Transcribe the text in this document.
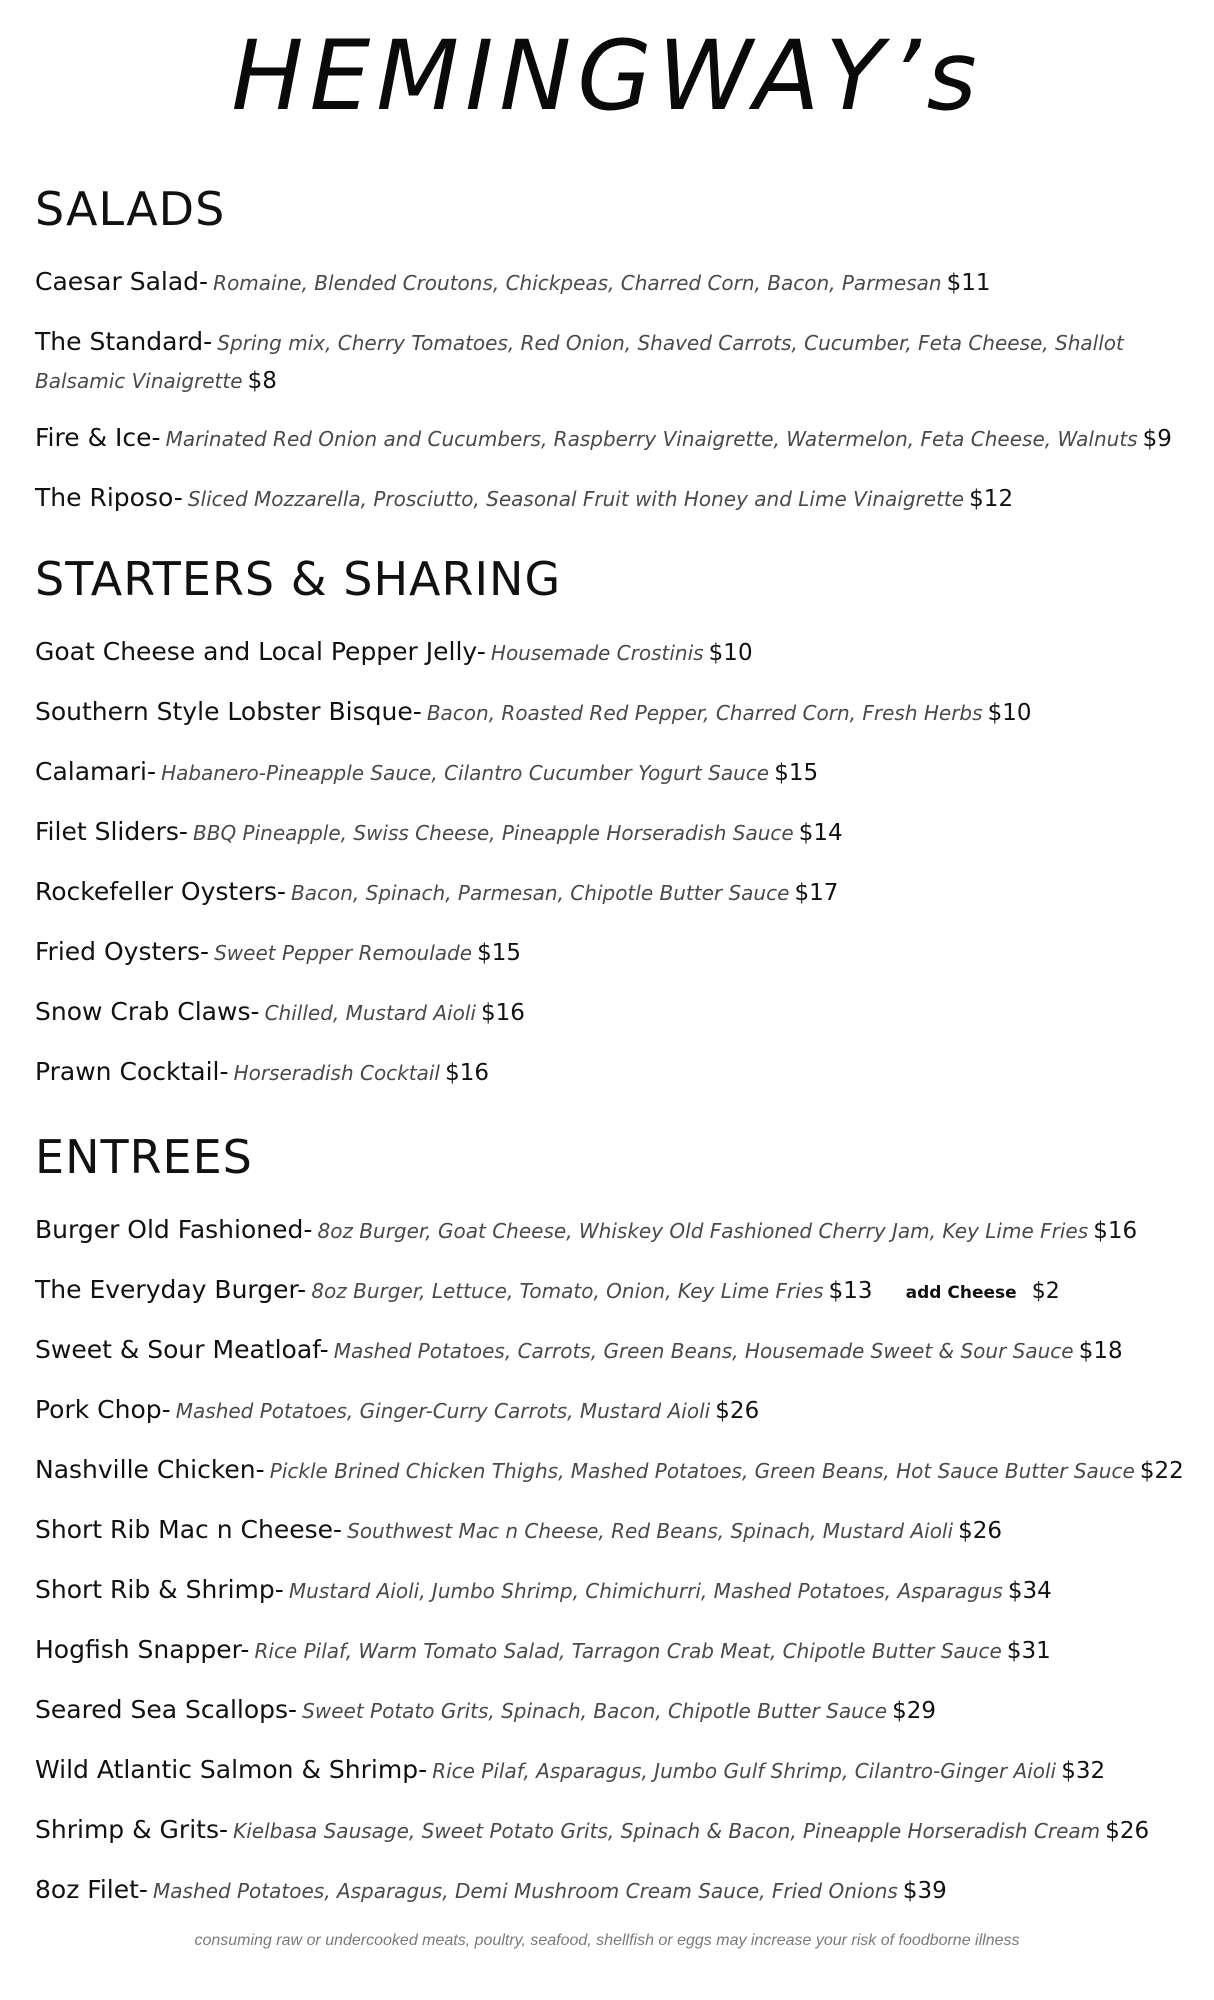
HEMINGWAY’s
SALADS
Caesar Salad- Romaine, Blended Croutons, Chickpeas, Charred Corn, Bacon, Parmesan $11
The Standard- Spring mix, Cherry Tomatoes, Red Onion, Shaved Carrots, Cucumber, Feta Cheese, Shallot Balsamic Vinaigrette $8
Fire & Ice- Marinated Red Onion and Cucumbers, Raspberry Vinaigrette, Watermelon, Feta Cheese, Walnuts $9
The Riposo- Sliced Mozzarella, Prosciutto, Seasonal Fruit with Honey and Lime Vinaigrette $12
STARTERS & SHARING
Goat Cheese and Local Pepper Jelly- Housemade Crostinis $10
Southern Style Lobster Bisque- Bacon, Roasted Red Pepper, Charred Corn, Fresh Herbs $10
Calamari- Habanero-Pineapple Sauce, Cilantro Cucumber Yogurt Sauce $15
Filet Sliders- BBQ Pineapple, Swiss Cheese, Pineapple Horseradish Sauce $14
Rockefeller Oysters- Bacon, Spinach, Parmesan, Chipotle Butter Sauce $17
Fried Oysters- Sweet Pepper Remoulade $15
Snow Crab Claws- Chilled, Mustard Aioli $16
Prawn Cocktail- Horseradish Cocktail $16
ENTREES
Burger Old Fashioned- 8oz Burger, Goat Cheese, Whiskey Old Fashioned Cherry Jam, Key Lime Fries $16
The Everyday Burger- 8oz Burger, Lettuce, Tomato, Onion, Key Lime Fries $13 add Cheese $2
Sweet & Sour Meatloaf- Mashed Potatoes, Carrots, Green Beans, Housemade Sweet & Sour Sauce $18
Pork Chop- Mashed Potatoes, Ginger-Curry Carrots, Mustard Aioli $26
Nashville Chicken- Pickle Brined Chicken Thighs, Mashed Potatoes, Green Beans, Hot Sauce Butter Sauce $22
Short Rib Mac n Cheese- Southwest Mac n Cheese, Red Beans, Spinach, Mustard Aioli $26
Short Rib & Shrimp- Mustard Aioli, Jumbo Shrimp, Chimichurri, Mashed Potatoes, Asparagus $34
Hogfish Snapper- Rice Pilaf, Warm Tomato Salad, Tarragon Crab Meat, Chipotle Butter Sauce $31
Seared Sea Scallops- Sweet Potato Grits, Spinach, Bacon, Chipotle Butter Sauce $29
Wild Atlantic Salmon & Shrimp- Rice Pilaf, Asparagus, Jumbo Gulf Shrimp, Cilantro-Ginger Aioli $32
Shrimp & Grits- Kielbasa Sausage, Sweet Potato Grits, Spinach & Bacon, Pineapple Horseradish Cream $26
8oz Filet- Mashed Potatoes, Asparagus, Demi Mushroom Cream Sauce, Fried Onions $39
consuming raw or undercooked meats, poultry, seafood, shellfish or eggs may increase your risk of foodborne illness
